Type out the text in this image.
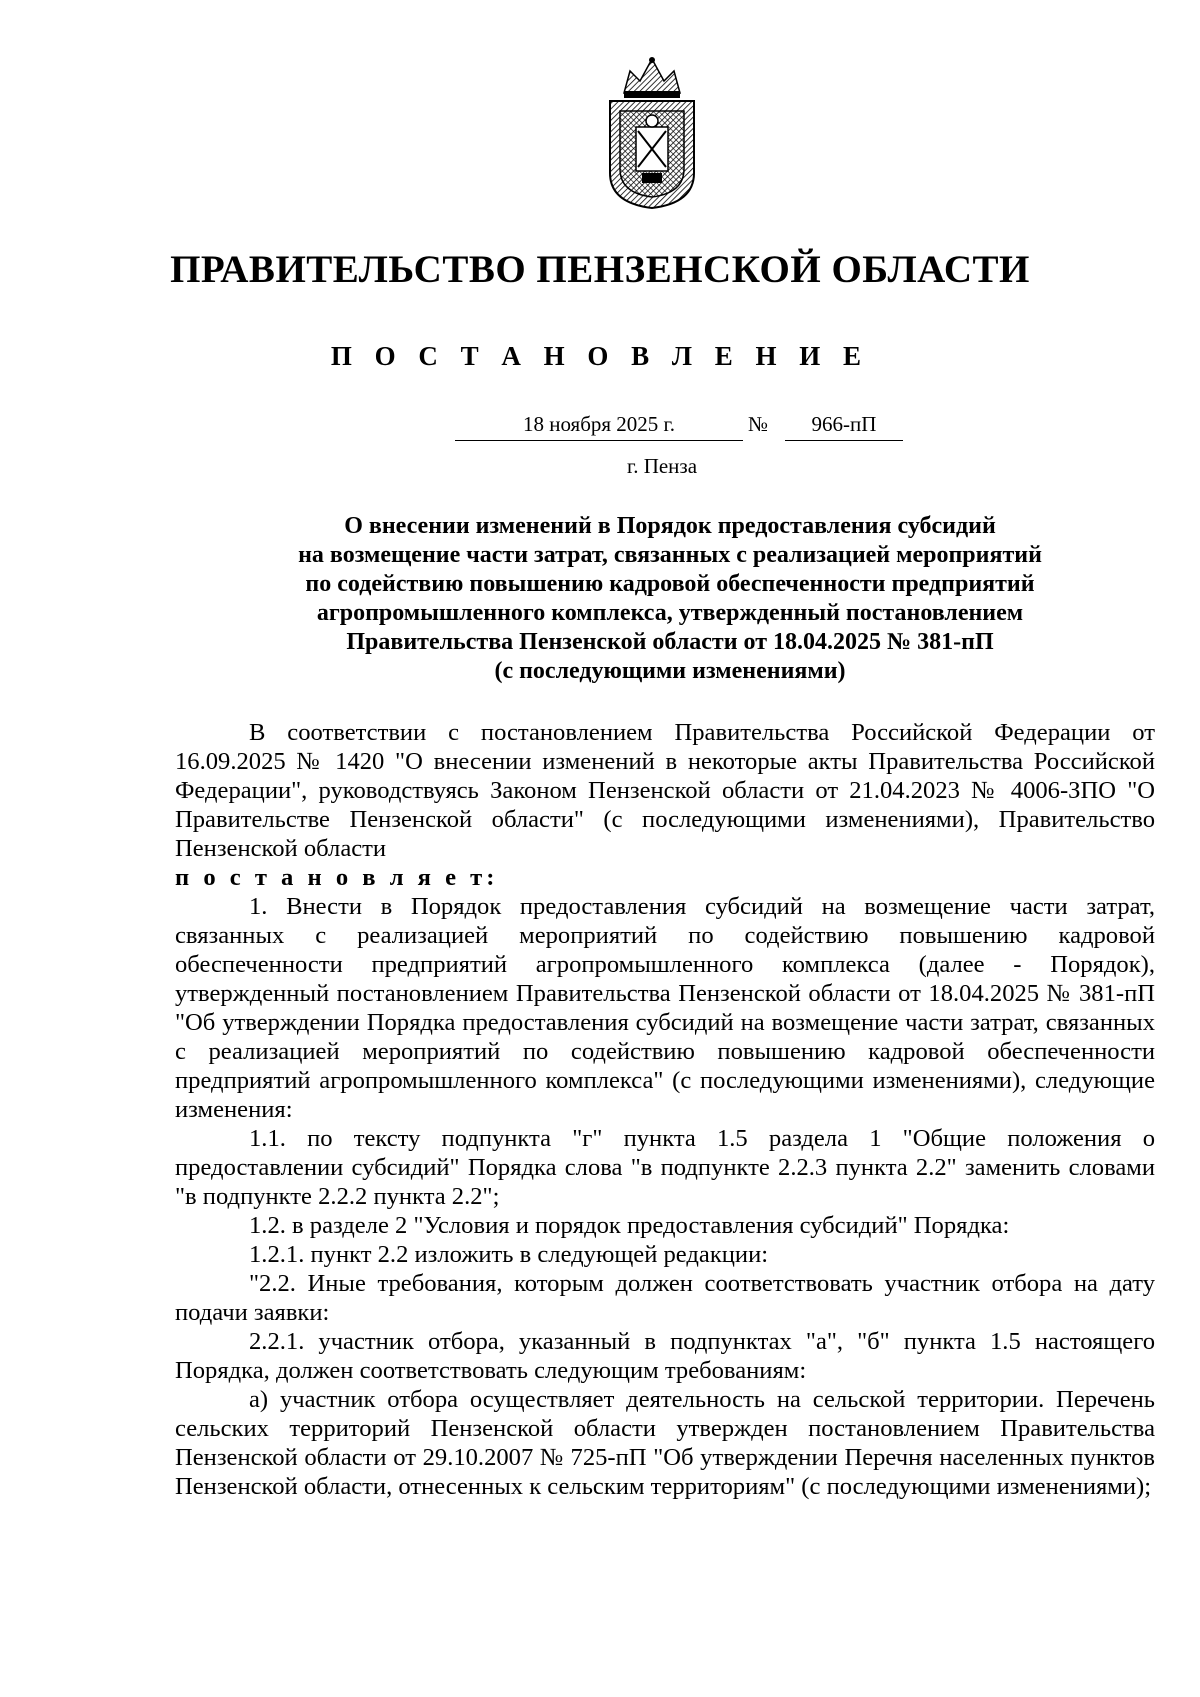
ПРАВИТЕЛЬСТВО ПЕНЗЕНСКОЙ ОБЛАСТИ
П О С Т А Н О В Л Е Н И Е
18 ноября 2025 г.	№	966-пП
г. Пенза
О внесении изменений в Порядок предоставления субсидий
на возмещение части затрат, связанных с реализацией мероприятий
по содействию повышению кадровой обеспеченности предприятий
агропромышленного комплекса, утвержденный постановлением
Правительства Пензенской области от 18.04.2025 № 381-пП
(с последующими изменениями)

В соответствии с постановлением Правительства Российской Федерации от 16.09.2025 № 1420 "О внесении изменений в некоторые акты Правительства Российской Федерации", руководствуясь Законом Пензенской области от 21.04.2023 № 4006-ЗПО "О Правительстве Пензенской области" (с последующими изменениями), Правительство Пензенской области

п о с т а н о в л я е т:

1. Внести в Порядок предоставления субсидий на возмещение части затрат, связанных с реализацией мероприятий по содействию повышению кадровой обеспеченности предприятий агропромышленного комплекса (далее - Порядок), утвержденный постановлением Правительства Пензенской области от 18.04.2025 № 381-пП "Об утверждении Порядка предоставления субсидий на возмещение части затрат, связанных с реализацией мероприятий по содействию повышению кадровой обеспеченности предприятий агропромышленного комплекса" (с последующими изменениями), следующие изменения:

1.1. по тексту подпункта "г" пункта 1.5 раздела 1 "Общие положения о предоставлении субсидий" Порядка слова "в подпункте 2.2.3 пункта 2.2" заменить словами "в подпункте 2.2.2 пункта 2.2";

1.2. в разделе 2 "Условия и порядок предоставления субсидий" Порядка:

1.2.1. пункт 2.2 изложить в следующей редакции:

"2.2. Иные требования, которым должен соответствовать участник отбора на дату подачи заявки:

2.2.1. участник отбора, указанный в подпунктах "а", "б" пункта 1.5 настоящего Порядка, должен соответствовать следующим требованиям:

а) участник отбора осуществляет деятельность на сельской территории. Перечень сельских территорий Пензенской области утвержден постановлением Правительства Пензенской области от 29.10.2007 № 725-пП "Об утверждении Перечня населенных пунктов Пензенской области, отнесенных к сельским территориям" (с последующими изменениями);
